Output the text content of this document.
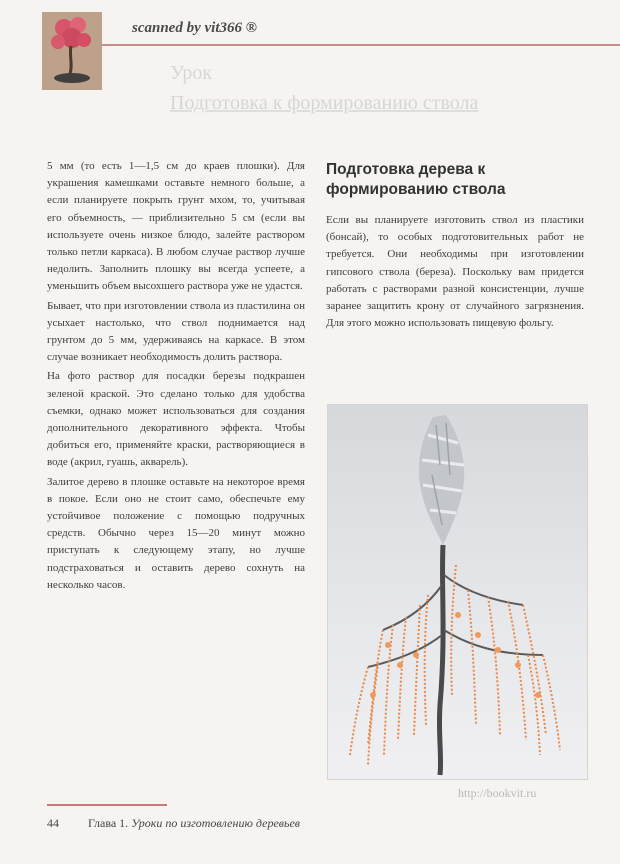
scanned by vit366 ®
Урок
Подготовка к формированию ствола

5 мм (то есть 1—1,5 см до краев плошки). Для украшения камешками оставьте немного больше, а если планируете покрыть грунт мхом, то, учитывая его объемность, — приблизительно 5 см (если вы используете очень низкое блюдо, залейте раствором только петли каркаса). В любом случае раствор лучше недолить. Заполнить плошку вы всегда успеете, а уменьшить объем высохшего раствора уже не удастся.

Бывает, что при изготовлении ствола из пластилина он усыхает настолько, что ствол поднимается над грунтом до 5 мм, удерживаясь на каркасе. В этом случае возникает необходимость долить раствора.

На фото раствор для посадки березы подкрашен зеленой краской. Это сделано только для удобства съемки, однако может использоваться для создания дополнительного декоративного эффекта. Чтобы добиться его, применяйте краски, растворяющиеся в воде (акрил, гуашь, акварель).

Залитое дерево в плошке оставьте на некоторое время в покое. Если оно не стоит само, обеспечьте ему устойчивое положение с помощью подручных средств. Обычно через 15—20 минут можно приступать к следующему этапу, но лучше подстраховаться и оставить дерево сохнуть на несколько часов.

Подготовка дерева к формированию ствола

Если вы планируете изготовить ствол из пластики (бонсай), то особых подготовительных работ не требуется. Они необходимы при изготовлении гипсового ствола (береза). Поскольку вам придется работать с растворами разной консистенции, лучше заранее защитить крону от случайного загрязнения. Для этого можно использовать пищевую фольгу.

http://bookvit.ru
44 Глава 1. Уроки по изготовлению деревьев
